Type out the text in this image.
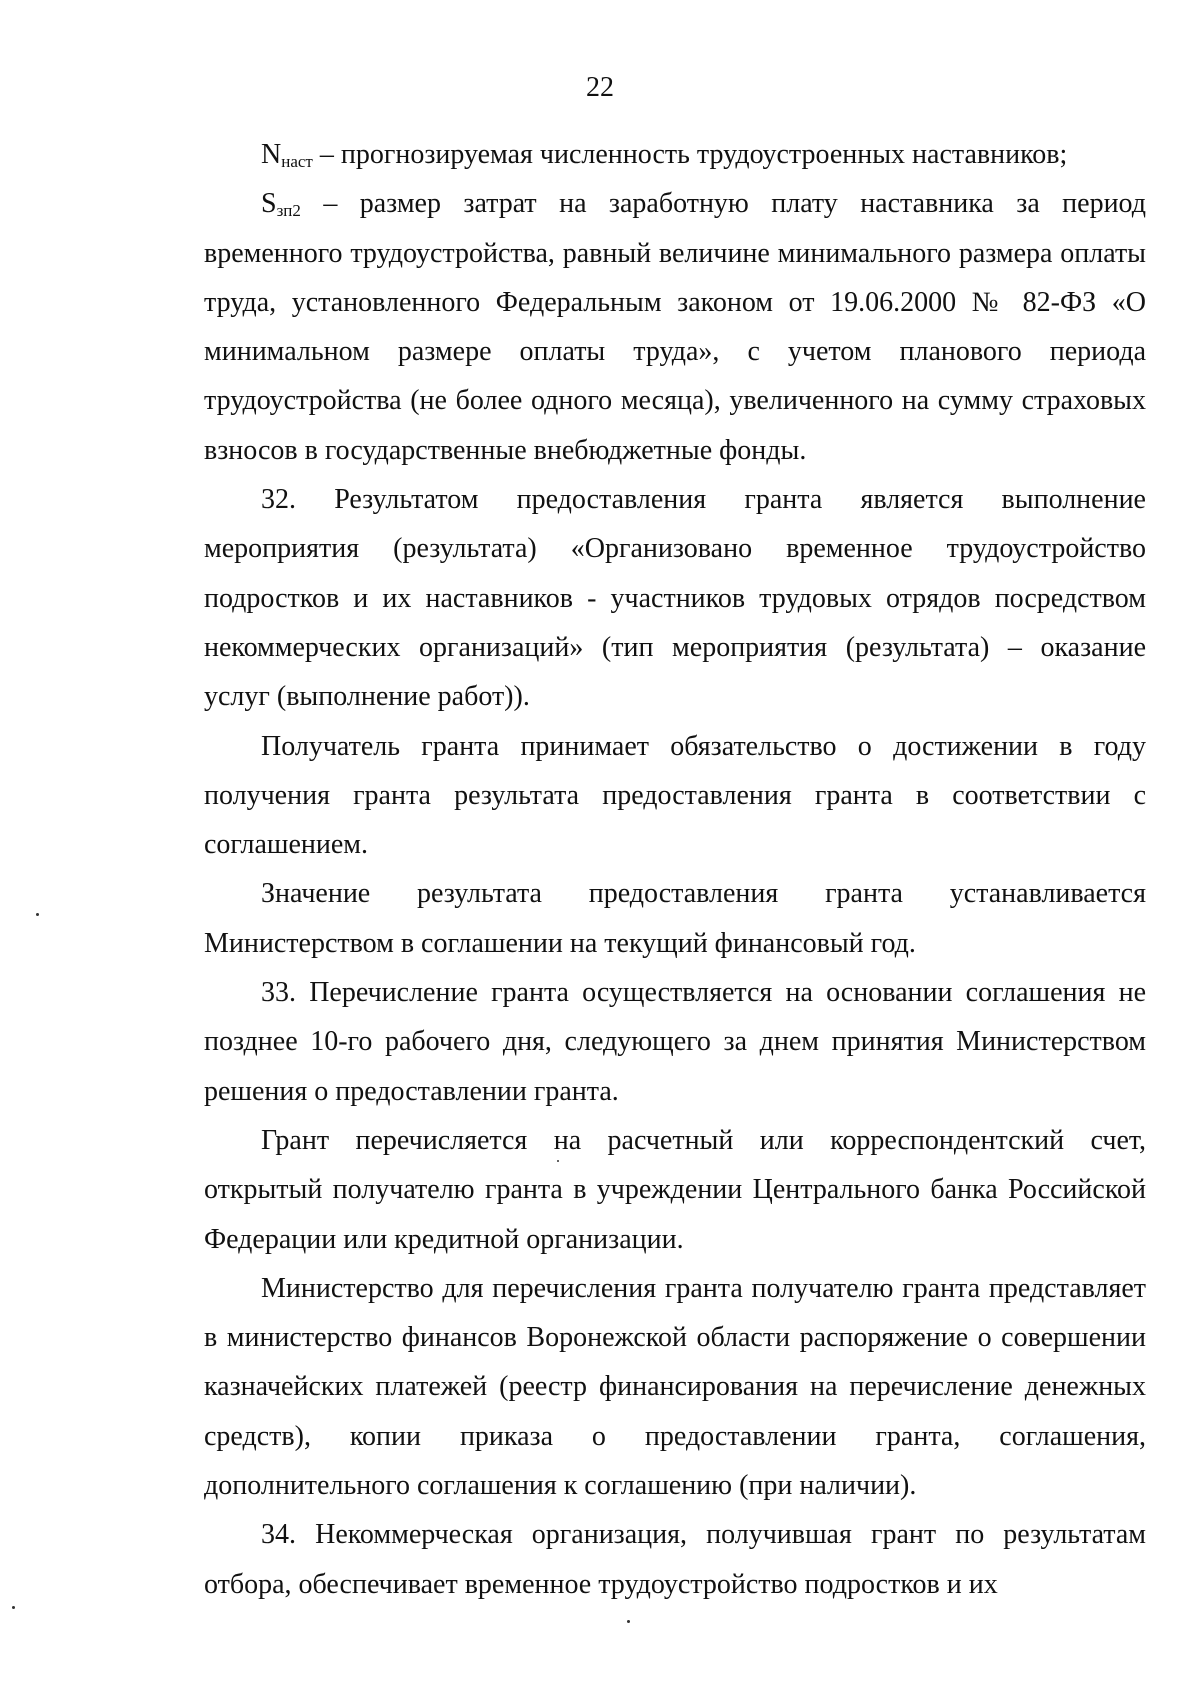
22

$N_{наст}$ – прогнозируемая численность трудоустроенных наставников;

$S_{зп2}$ – размер затрат на заработную плату наставника за период временного трудоустройства, равный величине минимального размера оплаты труда, установленного Федеральным законом от 19.06.2000 № 82-ФЗ «О минимальном размере оплаты труда», с учетом планового периода трудоустройства (не более одного месяца), увеличенного на сумму страховых взносов в государственные внебюджетные фонды.

32. Результатом предоставления гранта является выполнение мероприятия (результата) «Организовано временное трудоустройство подростков и их наставников - участников трудовых отрядов посредством некоммерческих организаций» (тип мероприятия (результата) – оказание услуг (выполнение работ)).

Получатель гранта принимает обязательство о достижении в году получения гранта результата предоставления гранта в соответствии с соглашением.

Значение результата предоставления гранта устанавливается Министерством в соглашении на текущий финансовый год.

33. Перечисление гранта осуществляется на основании соглашения не позднее 10-го рабочего дня, следующего за днем принятия Министерством решения о предоставлении гранта.

Грант перечисляется на расчетный или корреспондентский счет, открытый получателю гранта в учреждении Центрального банка Российской Федерации или кредитной организации.

Министерство для перечисления гранта получателю гранта представляет в министерство финансов Воронежской области распоряжение о совершении казначейских платежей (реестр финансирования на перечисление денежных средств), копии приказа о предоставлении гранта, соглашения, дополнительного соглашения к соглашению (при наличии).

34. Некоммерческая организация, получившая грант по результатам отбора, обеспечивает временное трудоустройство подростков и их
